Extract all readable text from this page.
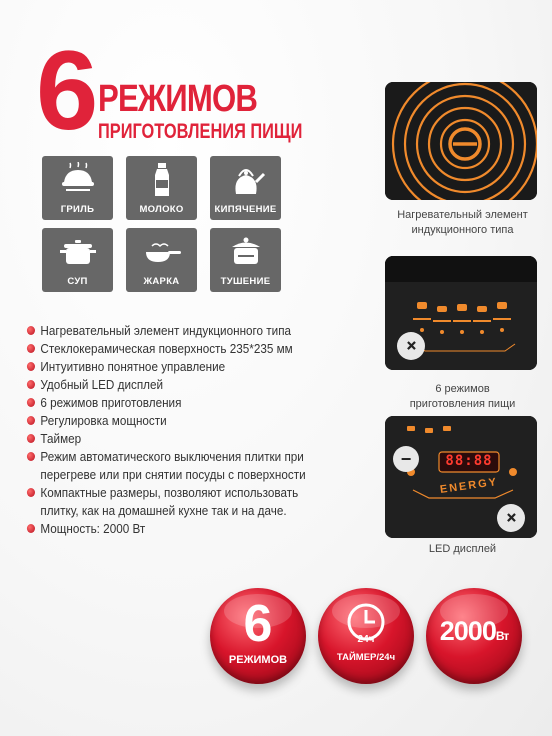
6 РЕЖИМОВ
ПРИГОТОВЛЕНИЯ ПИЩИ
ГРИЛЬ	МОЛОКО	КИПЯЧЕНИЕ
СУП	ЖАРКА	ТУШЕНИЕ
Нагревательный элемент индукционного типа
Стеклокерамическая поверхность 235*235 мм
Интуитивно понятное управление
Удобный LED дисплей
6 режимов приготовления
Регулировка мощности
Таймер
Режим автоматического выключения плитки при
перегреве или при снятии посуды с поверхности
Компактные размеры, позволяют использовать
плитку, как на домашней кухне так и на даче.
Мощность: 2000 Вт
Нагревательный элемент
индукционного типа
+
6 режимов
приготовления пищи
88:88
ENERGY
−
+
LED дисплей
6
РЕЖИМОВ
24ч
ТАЙМЕР/24ч
2000Вт
